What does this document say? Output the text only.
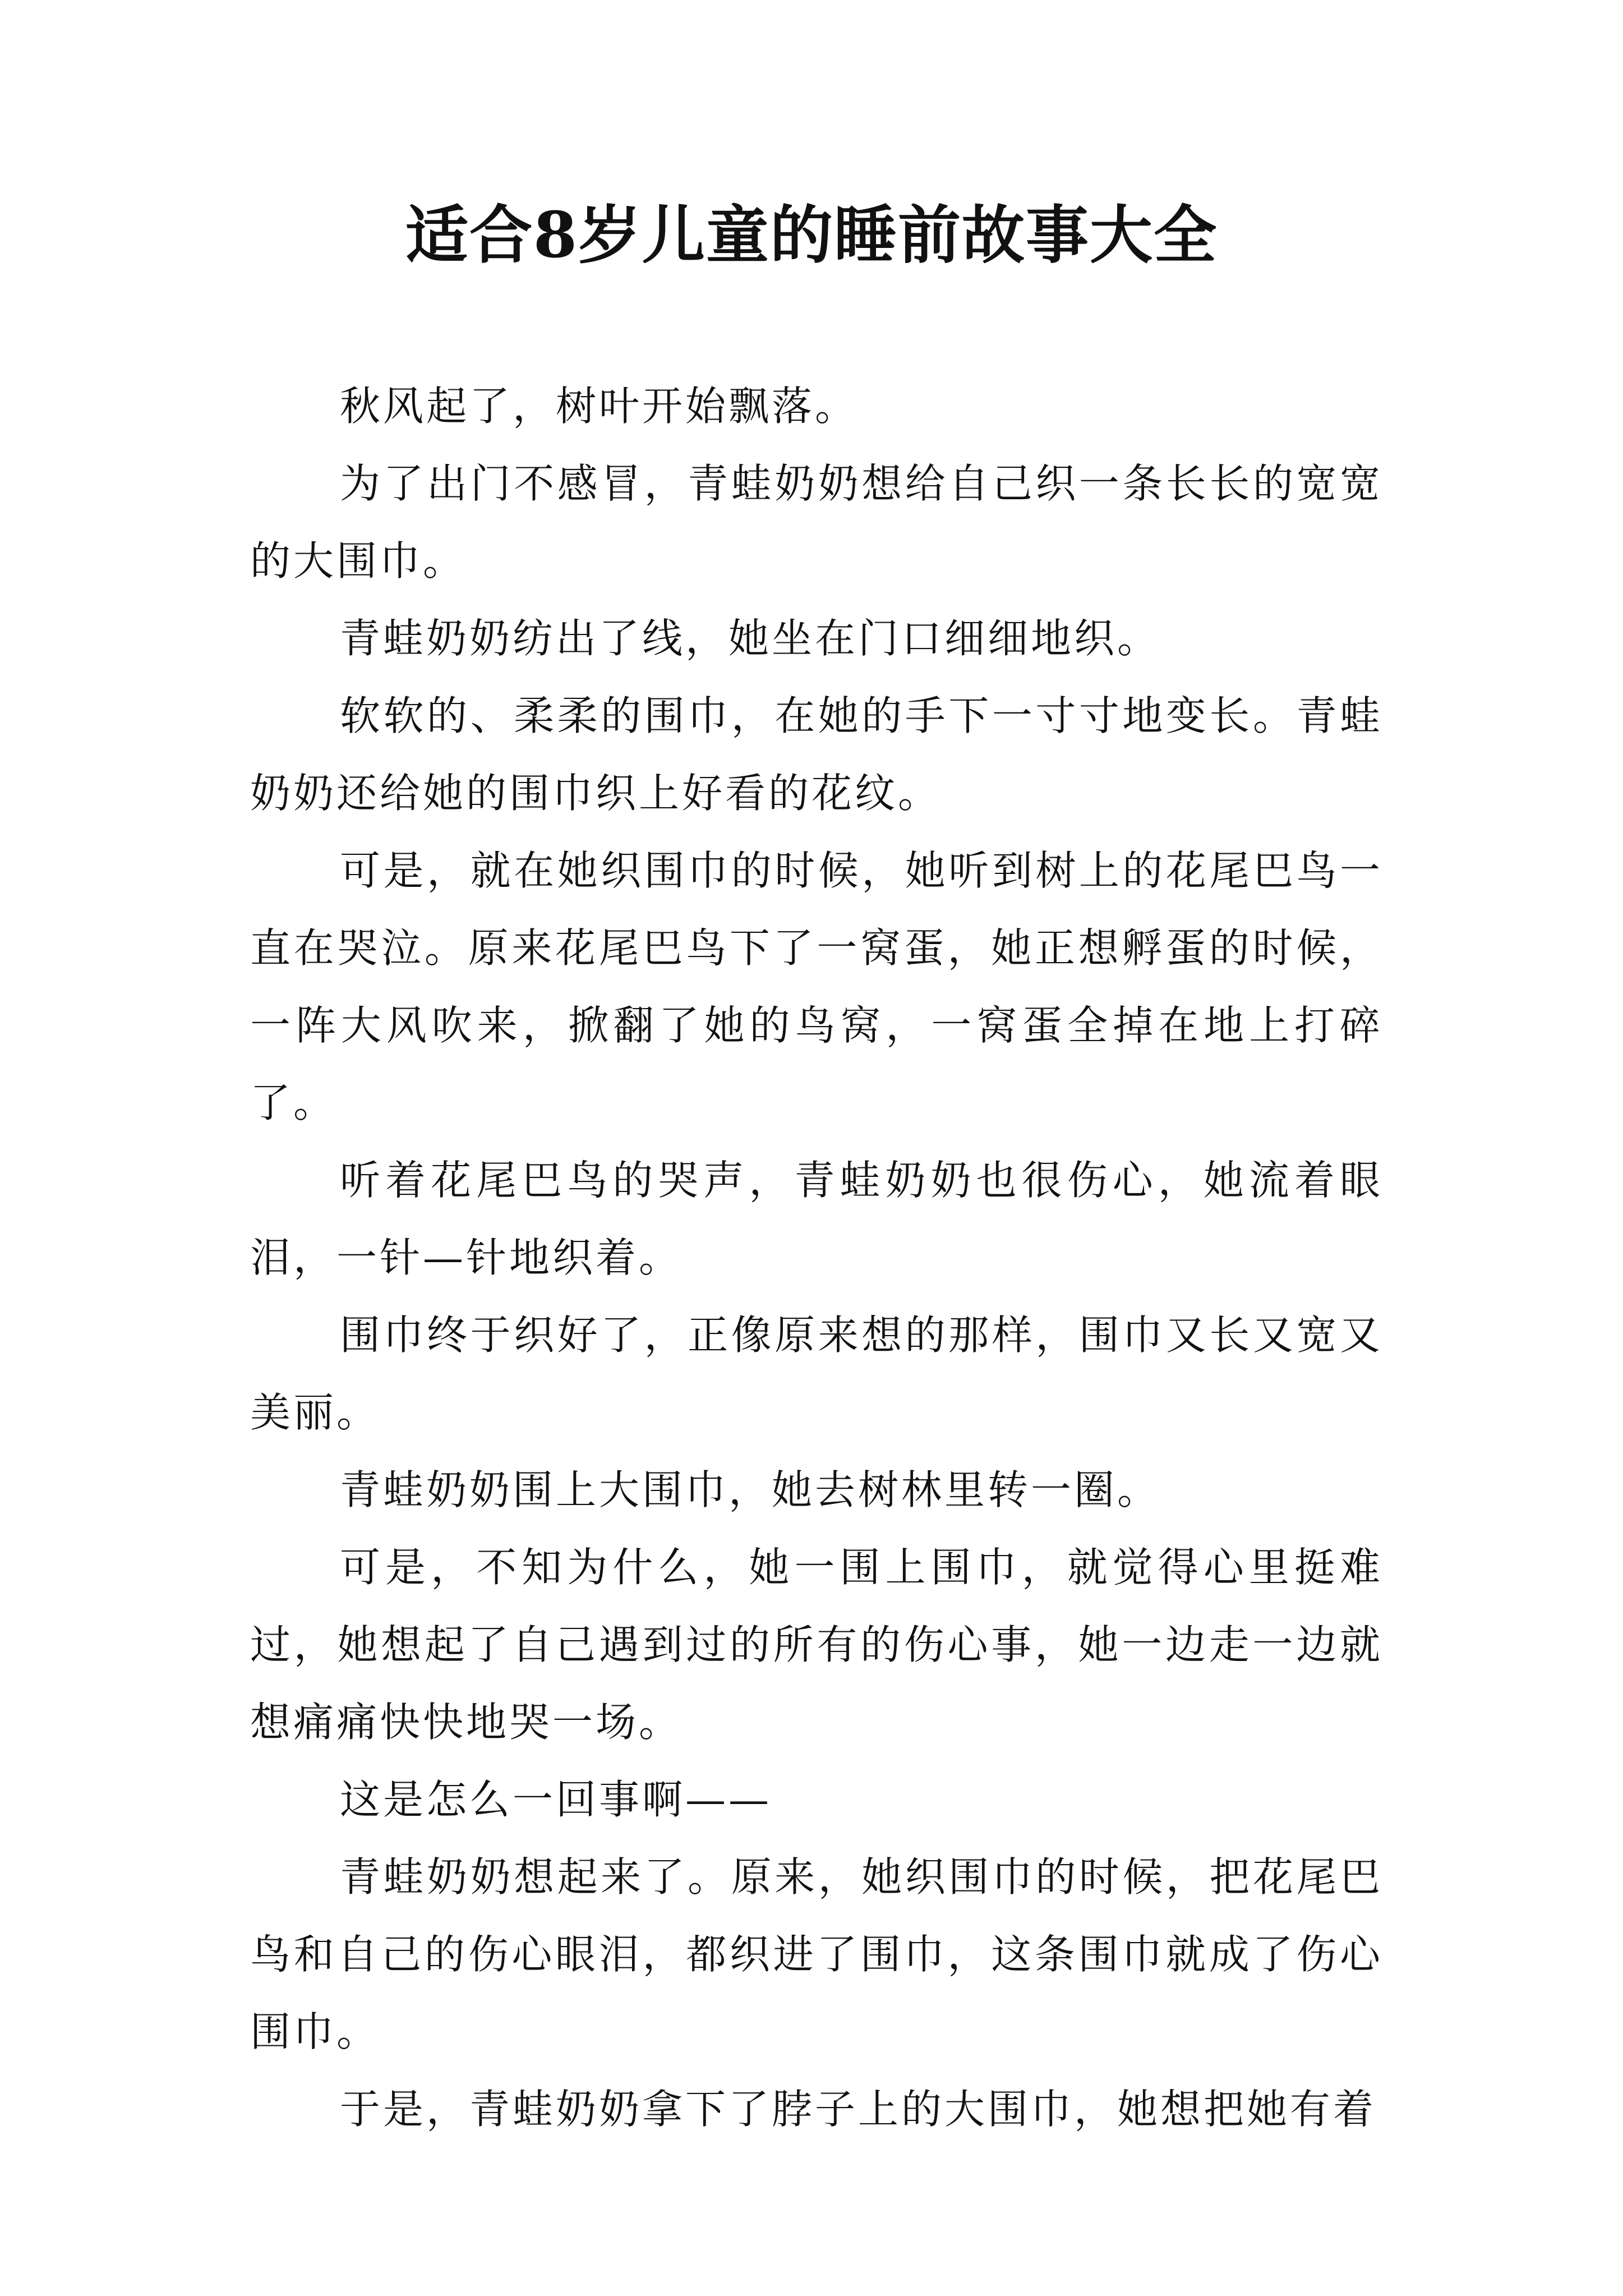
适合8岁儿童的睡前故事大全

秋风起了，树叶开始飘落。

为了出门不感冒，青蛙奶奶想给自己织一条长长的宽宽的大围巾。

青蛙奶奶纺出了线，她坐在门口细细地织。

软软的、柔柔的围巾，在她的手下一寸寸地变长。青蛙奶奶还给她的围巾织上好看的花纹。

可是，就在她织围巾的时候，她听到树上的花尾巴鸟一直在哭泣。原来花尾巴鸟下了一窝蛋，她正想孵蛋的时候，一阵大风吹来，掀翻了她的鸟窝，一窝蛋全掉在地上打碎了。

听着花尾巴鸟的哭声，青蛙奶奶也很伤心，她流着眼泪，一针—针地织着。

围巾终于织好了，正像原来想的那样，围巾又长又宽又美丽。

青蛙奶奶围上大围巾，她去树林里转一圈。

可是，不知为什么，她一围上围巾，就觉得心里挺难过，她想起了自己遇到过的所有的伤心事，她一边走一边就想痛痛快快地哭一场。

这是怎么一回事啊——

青蛙奶奶想起来了。原来，她织围巾的时候，把花尾巴鸟和自己的伤心眼泪，都织进了围巾，这条围巾就成了伤心围巾。

于是，青蛙奶奶拿下了脖子上的大围巾，她想把她有着
